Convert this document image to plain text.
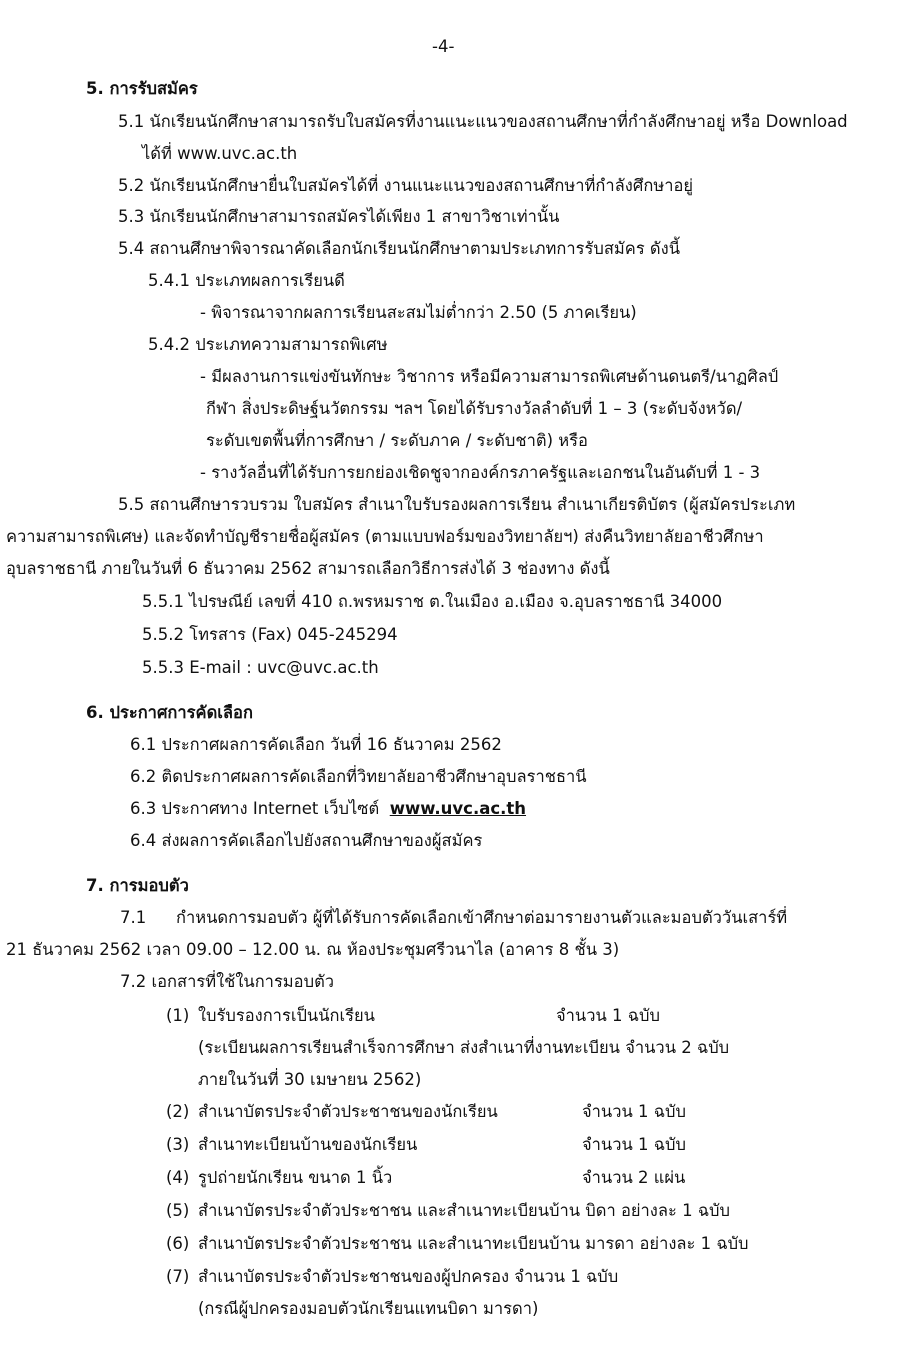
-4-
5. การรับสมัคร
5.1 นักเรียนนักศึกษาสามารถรับใบสมัครที่งานแนะแนวของสถานศึกษาที่กำลังศึกษาอยู่ หรือ Download
ได้ที่ www.uvc.ac.th
5.2 นักเรียนนักศึกษายื่นใบสมัครได้ที่ งานแนะแนวของสถานศึกษาที่กำลังศึกษาอยู่
5.3 นักเรียนนักศึกษาสามารถสมัครได้เพียง 1 สาขาวิชาเท่านั้น
5.4 สถานศึกษาพิจารณาคัดเลือกนักเรียนนักศึกษาตามประเภทการรับสมัคร ดังนี้
5.4.1 ประเภทผลการเรียนดี
- พิจารณาจากผลการเรียนสะสมไม่ต่ำกว่า 2.50 (5 ภาคเรียน)
5.4.2 ประเภทความสามารถพิเศษ
- มีผลงานการแข่งขันทักษะ วิชาการ หรือมีความสามารถพิเศษด้านดนตรี/นาฏศิลป์
กีฬา สิ่งประดิษฐ์นวัตกรรม ฯลฯ โดยได้รับรางวัลลำดับที่ 1 – 3 (ระดับจังหวัด/
ระดับเขตพื้นที่การศึกษา / ระดับภาค / ระดับชาติ) หรือ
- รางวัลอื่นที่ได้รับการยกย่องเชิดชูจากองค์กรภาครัฐและเอกชนในอันดับที่ 1 - 3
5.5 สถานศึกษารวบรวม ใบสมัคร สำเนาใบรับรองผลการเรียน สำเนาเกียรติบัตร (ผู้สมัครประเภท
ความสามารถพิเศษ) และจัดทำบัญชีรายชื่อผู้สมัคร (ตามแบบฟอร์มของวิทยาลัยฯ) ส่งคืนวิทยาลัยอาชีวศึกษา
อุบลราชธานี ภายในวันที่ 6 ธันวาคม 2562 สามารถเลือกวิธีการส่งได้ 3 ช่องทาง ดังนี้
5.5.1 ไปรษณีย์ เลขที่ 410 ถ.พรหมราช ต.ในเมือง อ.เมือง จ.อุบลราชธานี 34000
5.5.2 โทรสาร (Fax) 045-245294
5.5.3 E-mail : uvc@uvc.ac.th
6. ประกาศการคัดเลือก
6.1 ประกาศผลการคัดเลือก วันที่ 16 ธันวาคม 2562
6.2 ติดประกาศผลการคัดเลือกที่วิทยาลัยอาชีวศึกษาอุบลราชธานี
6.3 ประกาศทาง Internet เว็บไซต์ www.uvc.ac.th
6.4 ส่งผลการคัดเลือกไปยังสถานศึกษาของผู้สมัคร
7. การมอบตัว
7.1 กำหนดการมอบตัว ผู้ที่ได้รับการคัดเลือกเข้าศึกษาต่อมารายงานตัวและมอบตัววันเสาร์ที่
21 ธันวาคม 2562 เวลา 09.00 – 12.00 น. ณ ห้องประชุมศรีวนาไล (อาคาร 8 ชั้น 3)
7.2 เอกสารที่ใช้ในการมอบตัว
(1) ใบรับรองการเป็นนักเรียน	จำนวน 1 ฉบับ
(ระเบียนผลการเรียนสำเร็จการศึกษา ส่งสำเนาที่งานทะเบียน จำนวน 2 ฉบับ
ภายในวันที่ 30 เมษายน 2562)
(2) สำเนาบัตรประจำตัวประชาชนของนักเรียน	จำนวน 1 ฉบับ
(3) สำเนาทะเบียนบ้านของนักเรียน	จำนวน 1 ฉบับ
(4) รูปถ่ายนักเรียน ขนาด 1 นิ้ว	จำนวน 2 แผ่น
(5) สำเนาบัตรประจำตัวประชาชน และสำเนาทะเบียนบ้าน บิดา อย่างละ 1 ฉบับ
(6) สำเนาบัตรประจำตัวประชาชน และสำเนาทะเบียนบ้าน มารดา อย่างละ 1 ฉบับ
(7) สำเนาบัตรประจำตัวประชาชนของผู้ปกครอง จำนวน 1 ฉบับ
(กรณีผู้ปกครองมอบตัวนักเรียนแทนบิดา มารดา)
